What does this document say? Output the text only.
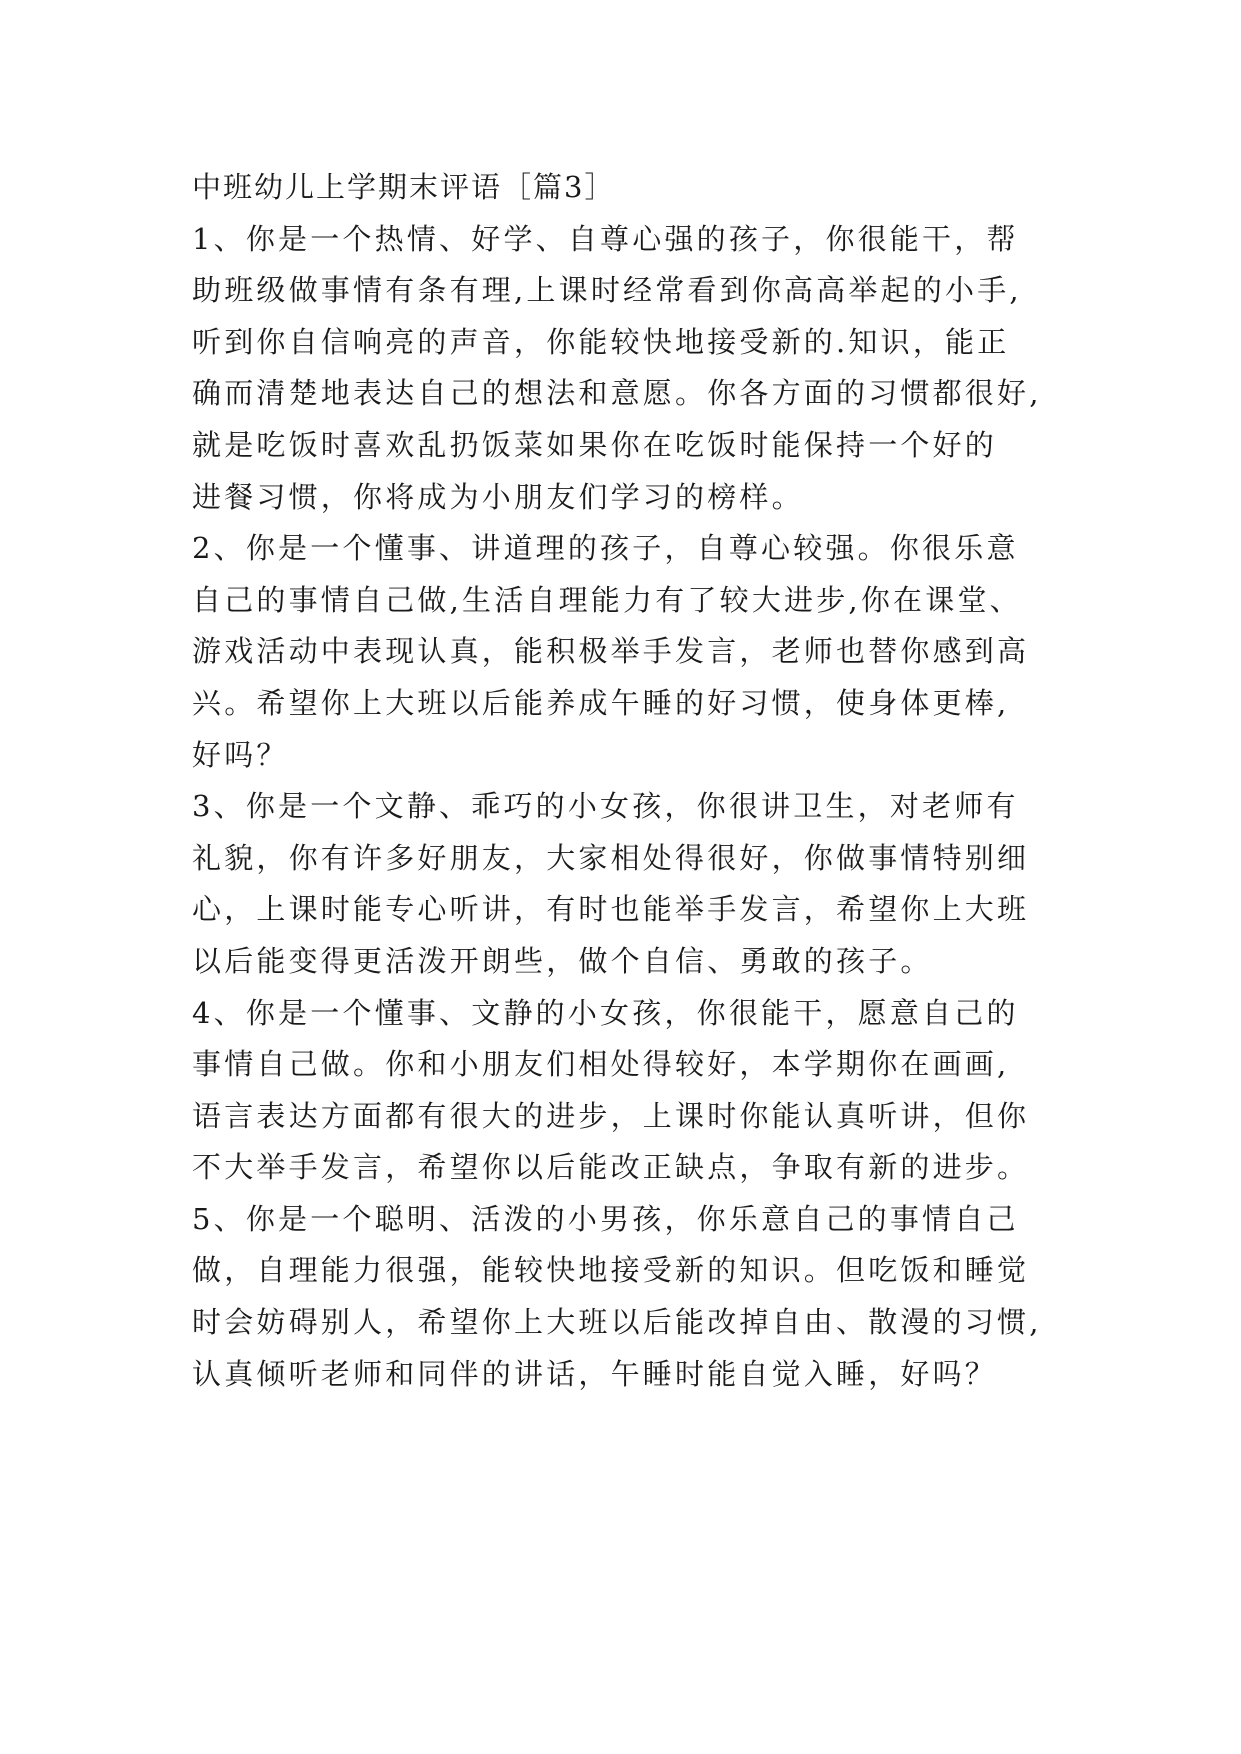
中班幼儿上学期末评语［篇3］
1、你是一个热情、好学、自尊心强的孩子，你很能干，帮
助班级做事情有条有理,上课时经常看到你高高举起的小手,
听到你自信响亮的声音，你能较快地接受新的.知识，能正
确而清楚地表达自己的想法和意愿。你各方面的习惯都很好,
就是吃饭时喜欢乱扔饭菜如果你在吃饭时能保持一个好的
进餐习惯，你将成为小朋友们学习的榜样。
2、你是一个懂事、讲道理的孩子，自尊心较强。你很乐意
自己的事情自己做,生活自理能力有了较大进步,你在课堂、
游戏活动中表现认真，能积极举手发言，老师也替你感到高
兴。希望你上大班以后能养成午睡的好习惯，使身体更棒,
好吗？
3、你是一个文静、乖巧的小女孩，你很讲卫生，对老师有
礼貌，你有许多好朋友，大家相处得很好，你做事情特别细
心，上课时能专心听讲，有时也能举手发言，希望你上大班
以后能变得更活泼开朗些，做个自信、勇敢的孩子。
4、你是一个懂事、文静的小女孩，你很能干，愿意自己的
事情自己做。你和小朋友们相处得较好，本学期你在画画,
语言表达方面都有很大的进步，上课时你能认真听讲，但你
不大举手发言，希望你以后能改正缺点，争取有新的进步。
5、你是一个聪明、活泼的小男孩，你乐意自己的事情自己
做，自理能力很强，能较快地接受新的知识。但吃饭和睡觉
时会妨碍别人，希望你上大班以后能改掉自由、散漫的习惯,
认真倾听老师和同伴的讲话，午睡时能自觉入睡，好吗？
